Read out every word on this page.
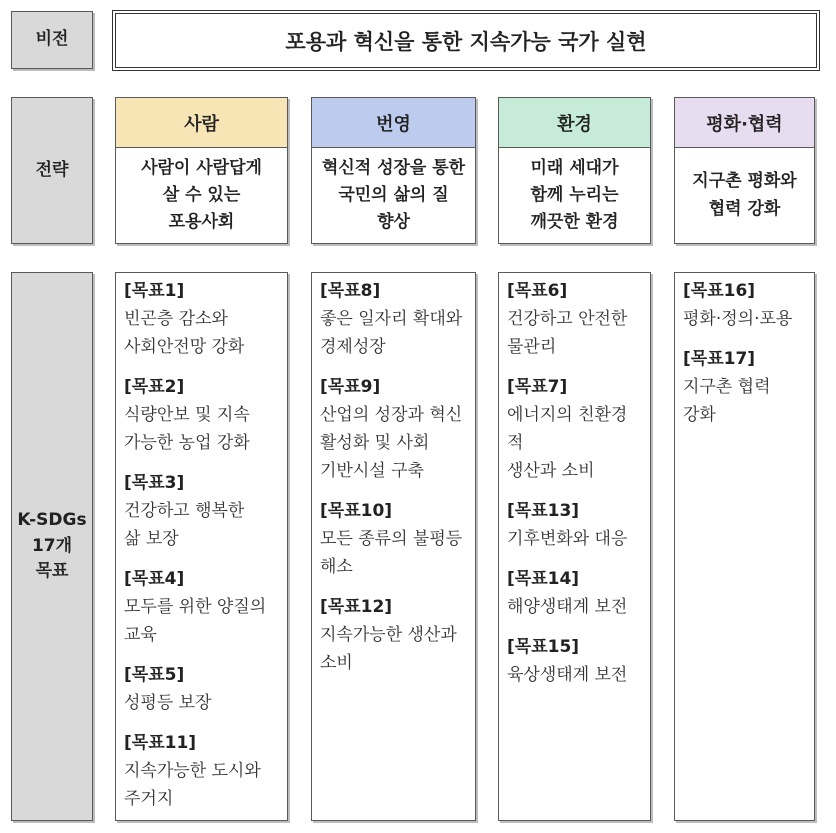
비전
전략
K-SDGs
17개
목표
포용과 혁신을 통한 지속가능 국가 실현
사람
사람이 사람답게
살 수 있는
포용사회
번영
혁신적 성장을 통한
국민의 삶의 질
향상
환경
미래 세대가
함께 누리는
깨끗한 환경
평화·협력
지구촌 평화와
협력 강화
[목표1]
빈곤층 감소와
사회안전망 강화
[목표2]
식량안보 및 지속
가능한 농업 강화
[목표3]
건강하고 행복한
삶 보장
[목표4]
모두를 위한 양질의
교육
[목표5]
성평등 보장
[목표11]
지속가능한 도시와
주거지
[목표8]
좋은 일자리 확대와
경제성장
[목표9]
산업의 성장과 혁신
활성화 및 사회
기반시설 구축
[목표10]
모든 종류의 불평등
해소
[목표12]
지속가능한 생산과
소비
[목표6]
건강하고 안전한
물관리
[목표7]
에너지의 친환경적
생산과 소비
[목표13]
기후변화와 대응
[목표14]
해양생태계 보전
[목표15]
육상생태계 보전
[목표16]
평화·정의·포용
[목표17]
지구촌 협력
강화
